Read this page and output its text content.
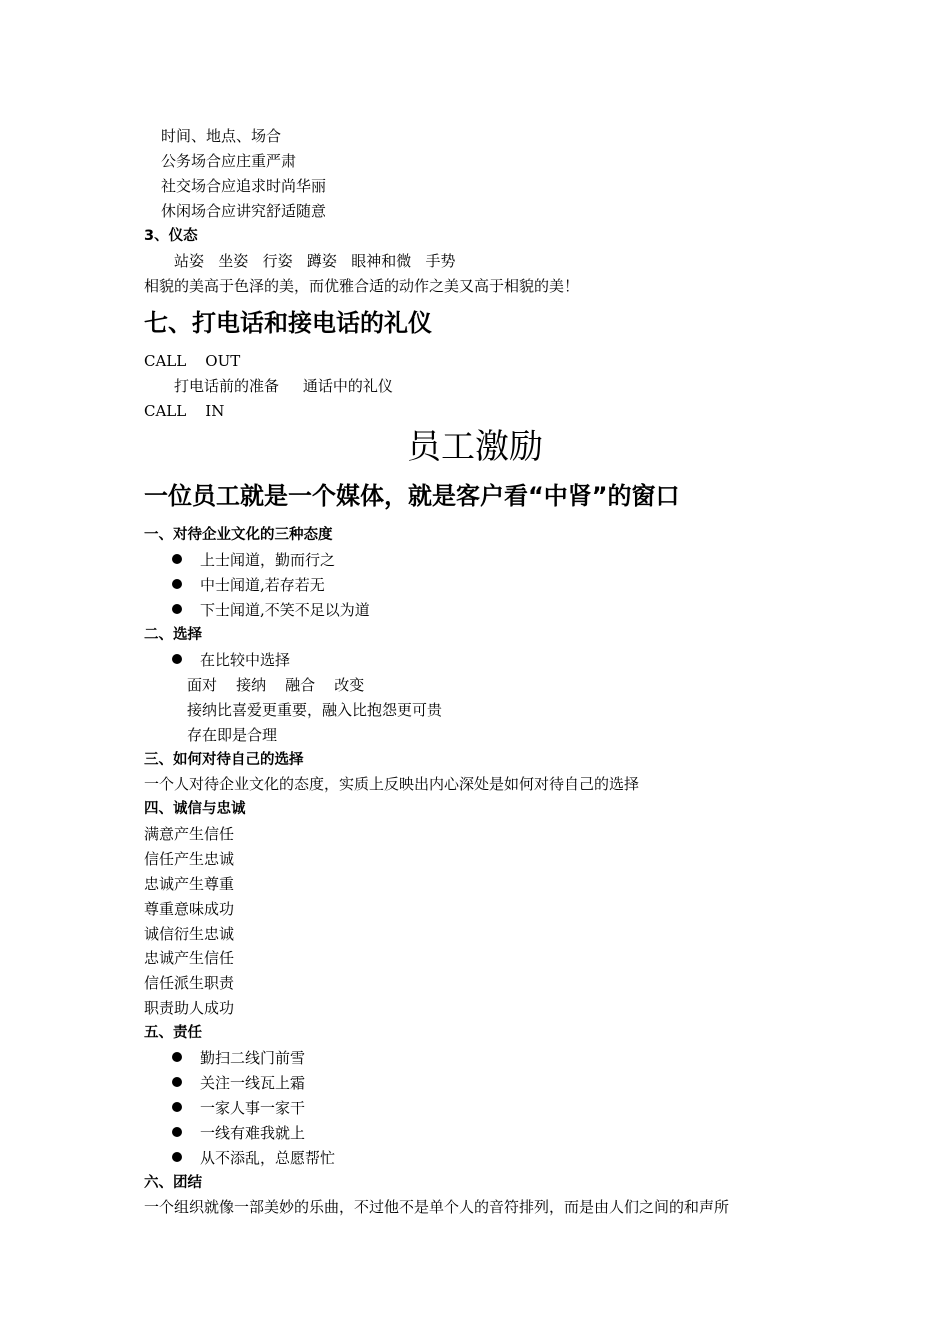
时间、地点、场合
公务场合应庄重严肃
社交场合应追求时尚华丽
休闲场合应讲究舒适随意
3、仪态
站姿   坐姿   行姿   蹲姿   眼神和微   手势
相貌的美高于色泽的美，而优雅合适的动作之美又高于相貌的美！
七、打电话和接电话的礼仪
CALL    OUT
打电话前的准备     通话中的礼仪
CALL    IN
员工激励
一位员工就是一个媒体，就是客户看“中肾”的窗口
一、对待企业文化的三种态度
上士闻道，勤而行之
中士闻道,若存若无
下士闻道,不笑不足以为道
二、选择
在比较中选择
面对    接纳    融合    改变
接纳比喜爱更重要，融入比抱怨更可贵
存在即是合理
三、如何对待自己的选择
一个人对待企业文化的态度，实质上反映出内心深处是如何对待自己的选择
四、诚信与忠诚
满意产生信任
信任产生忠诚
忠诚产生尊重
尊重意味成功
诚信衍生忠诚
忠诚产生信任
信任派生职责
职责助人成功
五、责任
勤扫二线门前雪
关注一线瓦上霜
一家人事一家干
一线有难我就上
从不添乱，总愿帮忙
六、团结
一个组织就像一部美妙的乐曲，不过他不是单个人的音符排列，而是由人们之间的和声所
